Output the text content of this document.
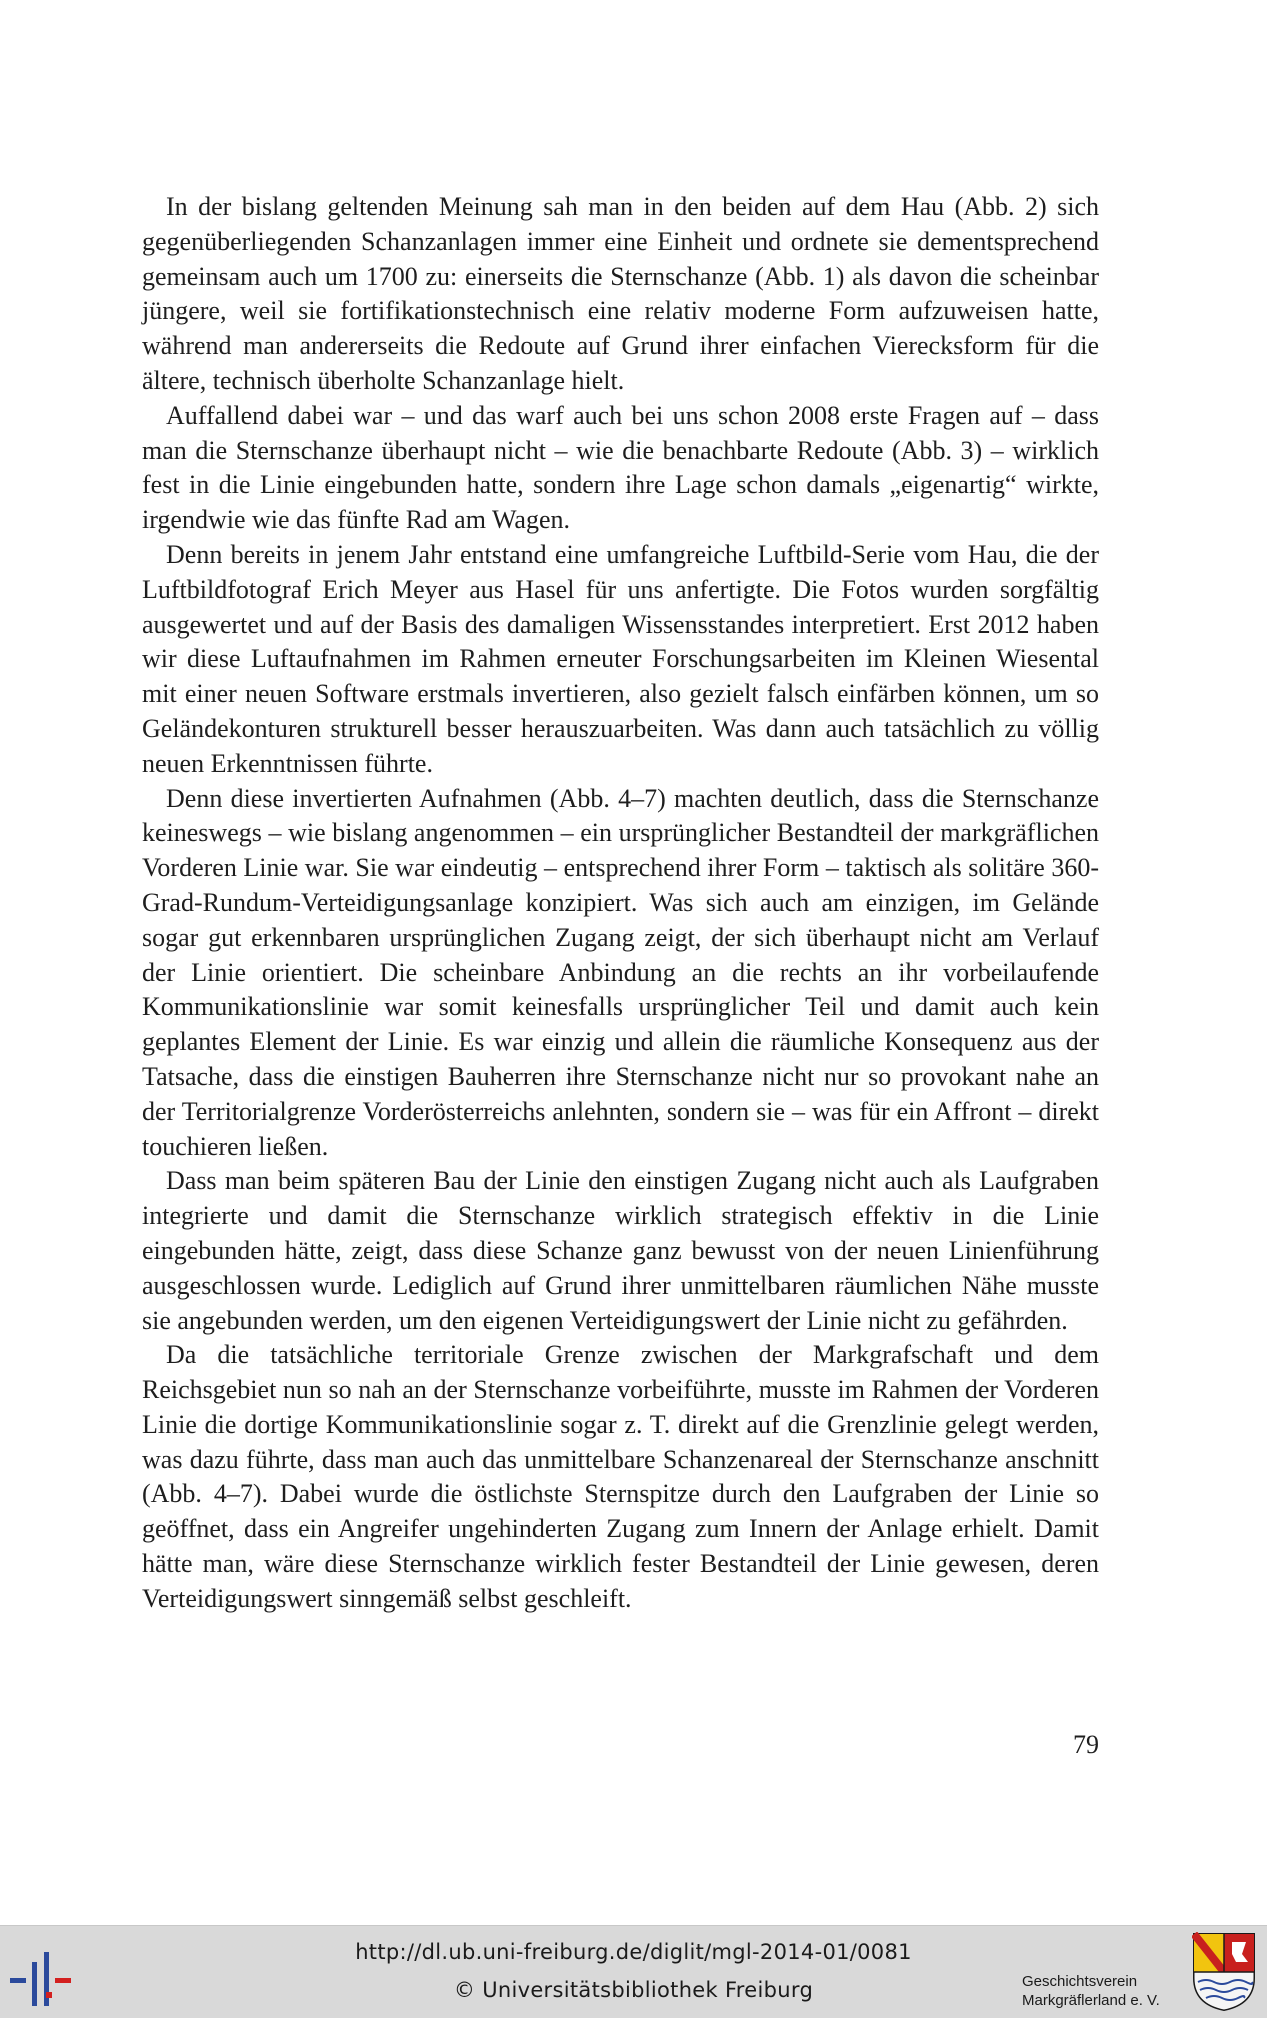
In der bislang geltenden Meinung sah man in den beiden auf dem Hau (Abb. 2) sich gegenüberliegenden Schanzanlagen immer eine Einheit und ordnete sie dementsprechend gemeinsam auch um 1700 zu: einerseits die Sternschanze (Abb. 1) als davon die scheinbar jüngere, weil sie fortifikationstechnisch eine relativ moderne Form aufzuweisen hatte, während man andererseits die Redoute auf Grund ihrer einfachen Vierecksform für die ältere, technisch überholte Schanzanlage hielt.

Auffallend dabei war – und das warf auch bei uns schon 2008 erste Fragen auf – dass man die Sternschanze überhaupt nicht – wie die benachbarte Redoute (Abb. 3) – wirklich fest in die Linie eingebunden hatte, sondern ihre Lage schon damals „eigenartig“ wirkte, irgendwie wie das fünfte Rad am Wagen.

Denn bereits in jenem Jahr entstand eine umfangreiche Luftbild-Serie vom Hau, die der Luftbildfotograf Erich Meyer aus Hasel für uns anfertigte. Die Fotos wurden sorgfältig ausgewertet und auf der Basis des damaligen Wissensstandes interpretiert. Erst 2012 haben wir diese Luftaufnahmen im Rahmen erneuter Forschungsarbeiten im Kleinen Wiesental mit einer neuen Software erstmals invertieren, also gezielt falsch einfärben können, um so Geländekonturen strukturell besser herauszuarbeiten. Was dann auch tatsächlich zu völlig neuen Erkenntnissen führte.

Denn diese invertierten Aufnahmen (Abb. 4–7) machten deutlich, dass die Sternschanze keineswegs – wie bislang angenommen – ein ursprünglicher Bestandteil der markgräflichen Vorderen Linie war. Sie war eindeutig – entsprechend ihrer Form – taktisch als solitäre 360-Grad-Rundum-Verteidigungsanlage konzipiert. Was sich auch am einzigen, im Gelände sogar gut erkennbaren ursprünglichen Zugang zeigt, der sich überhaupt nicht am Verlauf der Linie orientiert. Die scheinbare Anbindung an die rechts an ihr vorbeilaufende Kommunikationslinie war somit keinesfalls ursprünglicher Teil und damit auch kein geplantes Element der Linie. Es war einzig und allein die räumliche Konsequenz aus der Tatsache, dass die einstigen Bauherren ihre Sternschanze nicht nur so provokant nahe an der Territorialgrenze Vorderösterreichs anlehnten, sondern sie – was für ein Affront – direkt touchieren ließen.

Dass man beim späteren Bau der Linie den einstigen Zugang nicht auch als Laufgraben integrierte und damit die Sternschanze wirklich strategisch effektiv in die Linie eingebunden hätte, zeigt, dass diese Schanze ganz bewusst von der neuen Linienführung ausgeschlossen wurde. Lediglich auf Grund ihrer unmittelbaren räumlichen Nähe musste sie angebunden werden, um den eigenen Verteidigungswert der Linie nicht zu gefährden.

Da die tatsächliche territoriale Grenze zwischen der Markgrafschaft und dem Reichsgebiet nun so nah an der Sternschanze vorbeiführte, musste im Rahmen der Vorderen Linie die dortige Kommunikationslinie sogar z. T. direkt auf die Grenzlinie gelegt werden, was dazu führte, dass man auch das unmittelbare Schanzenareal der Sternschanze anschnitt (Abb. 4–7). Dabei wurde die östlichste Sternspitze durch den Laufgraben der Linie so geöffnet, dass ein Angreifer ungehinderten Zugang zum Innern der Anlage erhielt. Damit hätte man, wäre diese Sternschanze wirklich fester Bestandteil der Linie gewesen, deren Verteidigungswert sinngemäß selbst geschleift.

79
http://dl.ub.uni-freiburg.de/diglit/mgl-2014-01/0081
© Universitätsbibliothek Freiburg	Geschichtsverein
Markgräflerland e. V.
